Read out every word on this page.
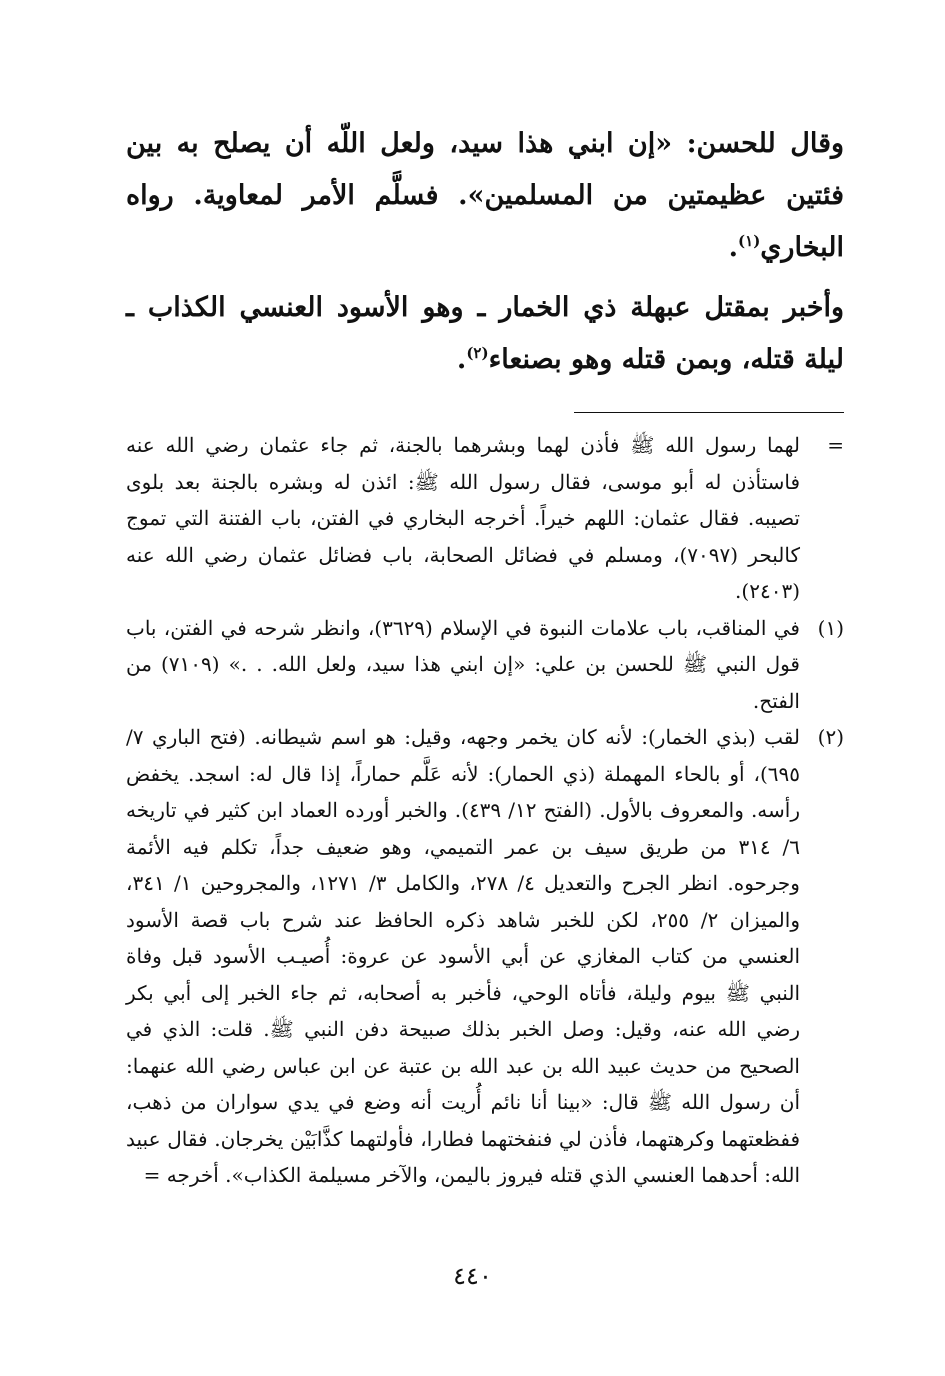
وقال للحسن: «إن ابني هذا سيد، ولعل اللّه أن يصلح به بين فئتين عظيمتين من المسلمين». فسلَّم الأمر لمعاوية. رواه البخاري$^{(١)}$.

وأخبر بمقتل عبهلة ذي الخمار ـ وهو الأسود العنسي الكذاب ـ ليلة قتله، وبمن قتله وهو بصنعاء$^{(٢)}$.

=
لهما رسول الله ﷺ فأذن لهما وبشرهما بالجنة، ثم جاء عثمان رضي الله عنه فاستأذن له أبو موسى، فقال رسول الله ﷺ: ائذن له وبشره بالجنة بعد بلوى تصيبه. فقال عثمان: اللهم خيراً. أخرجه البخاري في الفتن، باب الفتنة التي تموج كالبحر (٧٠٩٧)، ومسلم في فضائل الصحابة، باب فضائل عثمان رضي الله عنه (٢٤٠٣).
(١)
في المناقب، باب علامات النبوة في الإسلام (٣٦٢٩)، وانظر شرحه في الفتن، باب قول النبي ﷺ للحسن بن علي: «إن ابني هذا سيد، ولعل الله. . .» (٧١٠٩) من الفتح.
(٢)
لقب (بذي الخمار): لأنه كان يخمر وجهه، وقيل: هو اسم شيطانه. (فتح الباري ٧/ ٦٩٥)، أو بالحاء المهملة (ذي الحمار): لأنه عَلَّم حماراً، إذا قال له: اسجد. يخفض رأسه. والمعروف بالأول. (الفتح ١٢/ ٤٣٩). والخبر أورده العماد ابن كثير في تاريخه ٦/ ٣١٤ من طريق سيف بن عمر التميمي، وهو ضعيف جداً، تكلم فيه الأئمة وجرحوه. انظر الجرح والتعديل ٤/ ٢٧٨، والكامل ٣/ ١٢٧١، والمجروحين ١/ ٣٤١، والميزان ٢/ ٢٥٥، لكن للخبر شاهد ذكره الحافظ عند شرح باب قصة الأسود العنسي من كتاب المغازي عن أبي الأسود عن عروة: أُصيـب الأسود قبل وفاة النبي ﷺ بيوم وليلة، فأتاه الوحي، فأخبر به أصحابه، ثم جاء الخبر إلى أبي بكر رضي الله عنه، وقيل: وصل الخبر بذلك صبيحة دفن النبي ﷺ. قلت: الذي في الصحيح من حديث عبيد الله بن عبد الله بن عتبة عن ابن عباس رضي الله عنهما: أن رسول الله ﷺ قال: «بينا أنا نائم أُريت أنه وضع في يدي سواران من ذهب، ففظعتهما وكرهتهما، فأذن لي فنفختهما فطارا، فأولتهما كذَّابَيْن يخرجان. فقال عبيد الله: أحدهما العنسي الذي قتله فيروز باليمن، والآخر مسيلمة الكذاب». أخرجه =
٤٤٠
